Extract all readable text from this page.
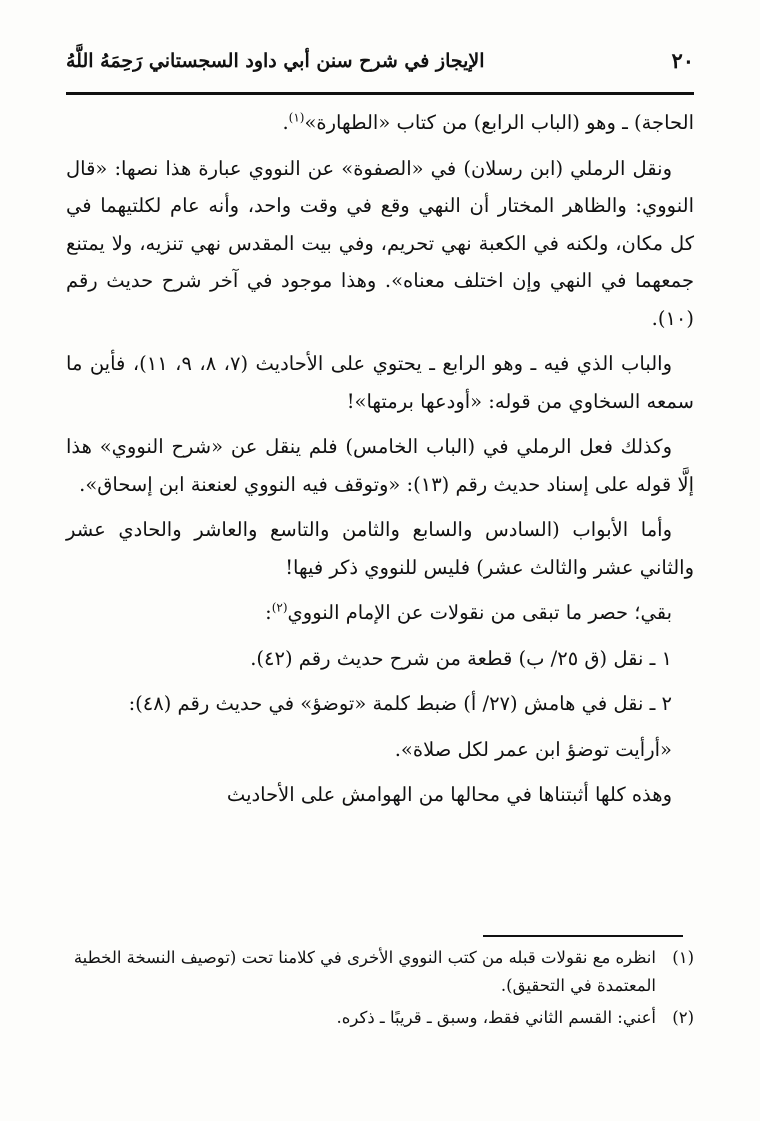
٢٠
الإيجاز في شرح سنن أبي داود السجستاني رَحِمَهُ اللَّهُ

الحاجة) ـ وهو (الباب الرابع) من كتاب «الطهارة»$^{(١)}$.

ونقل الرملي (ابن رسلان) في «الصفوة» عن النووي عبارة هذا نصها: «قال النووي: والظاهر المختار أن النهي وقع في وقت واحد، وأنه عام لكلتيهما في كل مكان، ولكنه في الكعبة نهي تحريم، وفي بيت المقدس نهي تنزيه، ولا يمتنع جمعهما في النهي وإن اختلف معناه». وهذا موجود في آخر شرح حديث رقم (١٠).

والباب الذي فيه ـ وهو الرابع ـ يحتوي على الأحاديث (٧، ٨، ٩، ١١)، فأين ما سمعه السخاوي من قوله: «أودعها برمتها»!

وكذلك فعل الرملي في (الباب الخامس) فلم ينقل عن «شرح النووي» هذا إلَّا قوله على إسناد حديث رقم (١٣): «وتوقف فيه النووي لعنعنة ابن إسحاق».

وأما الأبواب (السادس والسابع والثامن والتاسع والعاشر والحادي عشر والثاني عشر والثالث عشر) فليس للنووي ذكر فيها!

بقي؛ حصر ما تبقى من نقولات عن الإمام النووي$^{(٢)}$:

١ ـ نقل (ق ٢٥/ ب) قطعة من شرح حديث رقم (٤٢).

٢ ـ نقل في هامش (٢٧/ أ) ضبط كلمة «توضؤ» في حديث رقم (٤٨):

«أرأيت توضؤ ابن عمر لكل صلاة».

وهذه كلها أثبتناها في محالها من الهوامش على الأحاديث

(١)
انظره مع نقولات قبله من كتب النووي الأخرى في كلامنا تحت (توصيف النسخة الخطية المعتمدة في التحقيق).
(٢)
أعني: القسم الثاني فقط، وسبق ـ قريبًا ـ ذكره.
